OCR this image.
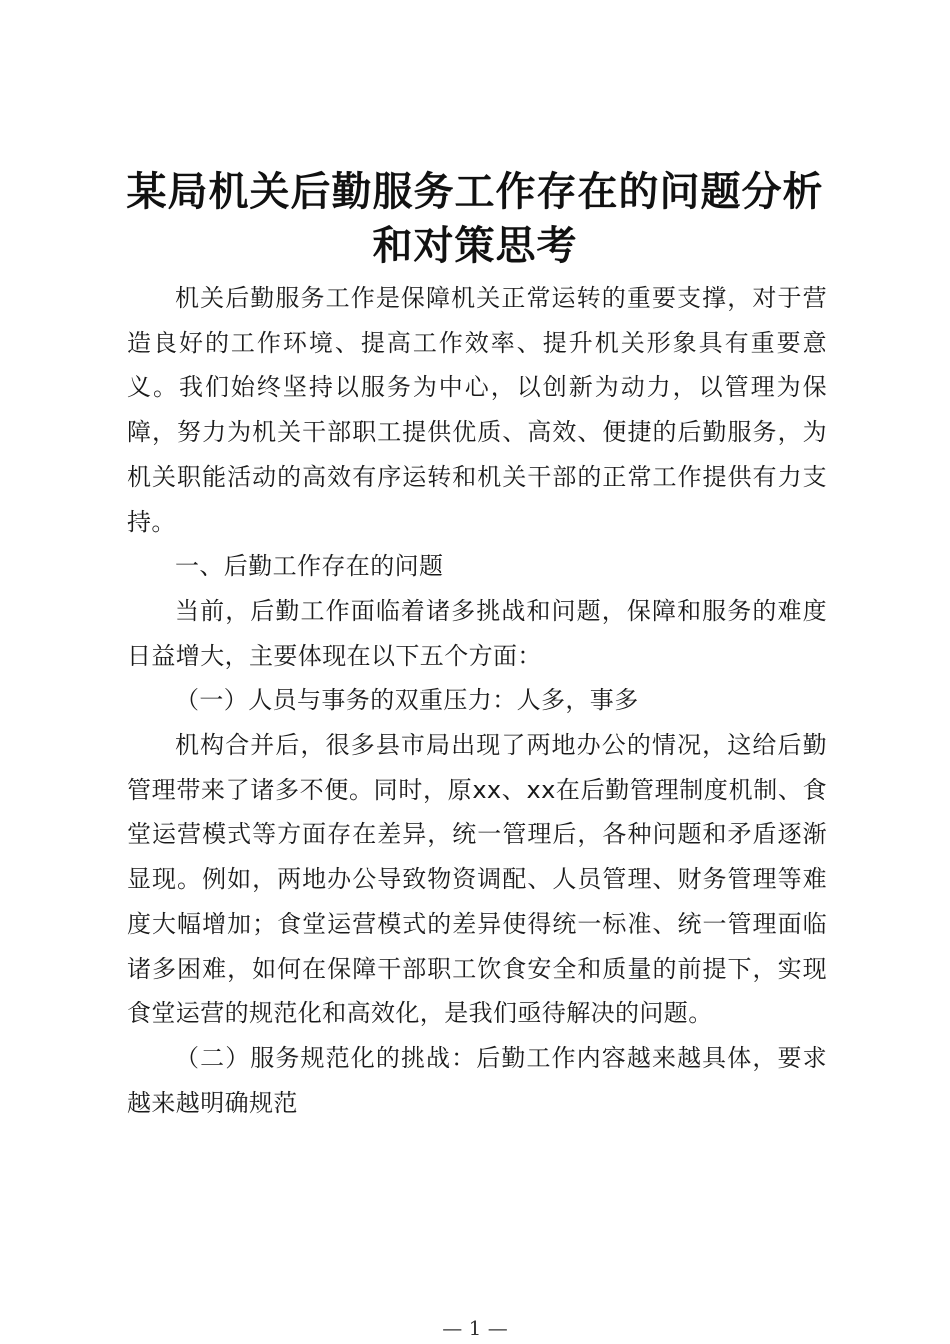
某局机关后勤服务工作存在的问题分析
和对策思考

机关后勤服务工作是保障机关正常运转的重要支撑，对于营造良好的工作环境、提高工作效率、提升机关形象具有重要意义。我们始终坚持以服务为中心，以创新为动力，以管理为保障，努力为机关干部职工提供优质、高效、便捷的后勤服务，为机关职能活动的高效有序运转和机关干部的正常工作提供有力支持。

一、后勤工作存在的问题

当前，后勤工作面临着诸多挑战和问题，保障和服务的难度日益增大，主要体现在以下五个方面：

（一）人员与事务的双重压力：人多，事多

机构合并后，很多县市局出现了两地办公的情况，这给后勤管理带来了诸多不便。同时，原xx、xx在后勤管理制度机制、食堂运营模式等方面存在差异，统一管理后，各种问题和矛盾逐渐显现。例如，两地办公导致物资调配、人员管理、财务管理等难度大幅增加；食堂运营模式的差异使得统一标准、统一管理面临诸多困难，如何在保障干部职工饮食安全和质量的前提下，实现食堂运营的规范化和高效化，是我们亟待解决的问题。

（二）服务规范化的挑战：后勤工作内容越来越具体，要求越来越明确规范

— 1 —
